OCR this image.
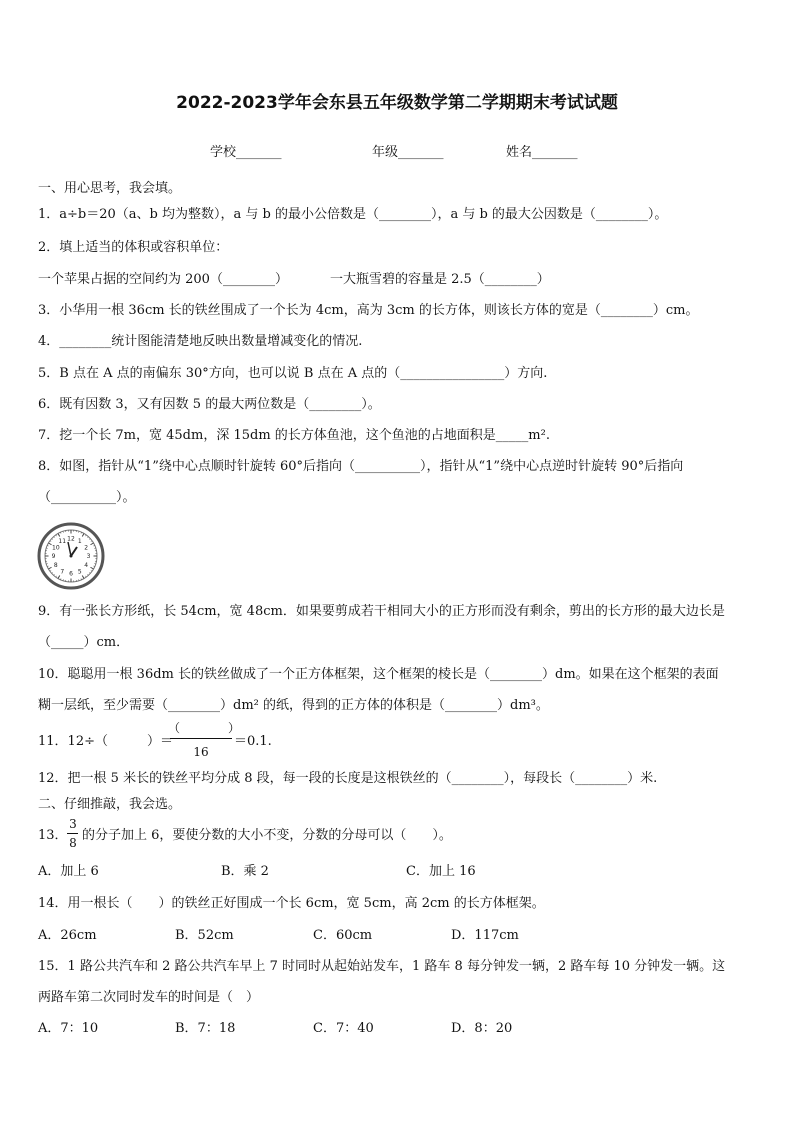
2022-2023学年会东县五年级数学第二学期期末考试试题
学校_______	年级_______	姓名_______
一、用心思考，我会填。
1．a÷b＝20（a、b 均为整数），a 与 b 的最小公倍数是（________），a 与 b 的最大公因数是（________）。
2．填上适当的体积或容积单位：
一个苹果占据的空间约为 200（________）	一大瓶雪碧的容量是 2.5（________）
3．小华用一根 36cm 长的铁丝围成了一个长为 4cm，高为 3cm 的长方体，则该长方体的宽是（________）cm。
4．________统计图能清楚地反映出数量增减变化的情况.
5．B 点在 A 点的南偏东 30°方向，也可以说 B 点在 A 点的（________________）方向.
6．既有因数 3，又有因数 5 的最大两位数是（________）。
7．挖一个长 7m，宽 45dm，深 15dm 的长方体鱼池，这个鱼池的占地面积是_____m².
8．如图，指针从“1”绕中心点顺时针旋转 60°后指向（__________），指针从“1”绕中心点逆时针旋转 90°后指向
（__________）。
12 1
2
3
4
5
6
7
8
9
10
11
9．有一张长方形纸，长 54cm，宽 48cm．如果要剪成若干相同大小的正方形而没有剩余，剪出的长方形的最大边长是
（_____）cm．
10．聪聪用一根 36dm 长的铁丝做成了一个正方体框架，这个框架的棱长是（________）dm。如果在这个框架的表面
糊一层纸，至少需要（________）dm² 的纸，得到的正方体的体积是（________）dm³。
11．12÷（　　　）＝
（　　　　）
16
＝0.1.
12．把一根 5 米长的铁丝平均分成 8 段，每一段的长度是这根铁丝的（________），每段长（________）米.
二、仔细推敲，我会选。
13．
3
8 的分子加上 6，要使分数的大小不变，分数的分母可以（　　）。
A．加上 6	B．乘 2	C．加上 16
14．用一根长（　　）的铁丝正好围成一个长 6cm，宽 5cm，高 2cm 的长方体框架。
A．26cm	B．52cm	C．60cm	D．117cm
15．1 路公共汽车和 2 路公共汽车早上 7 时同时从起始站发车，1 路车 8 每分钟发一辆，2 路车每 10 分钟发一辆。这
两路车第二次同时发车的时间是（　）
A．7：10	B．7：18	C．7：40	D．8：20
